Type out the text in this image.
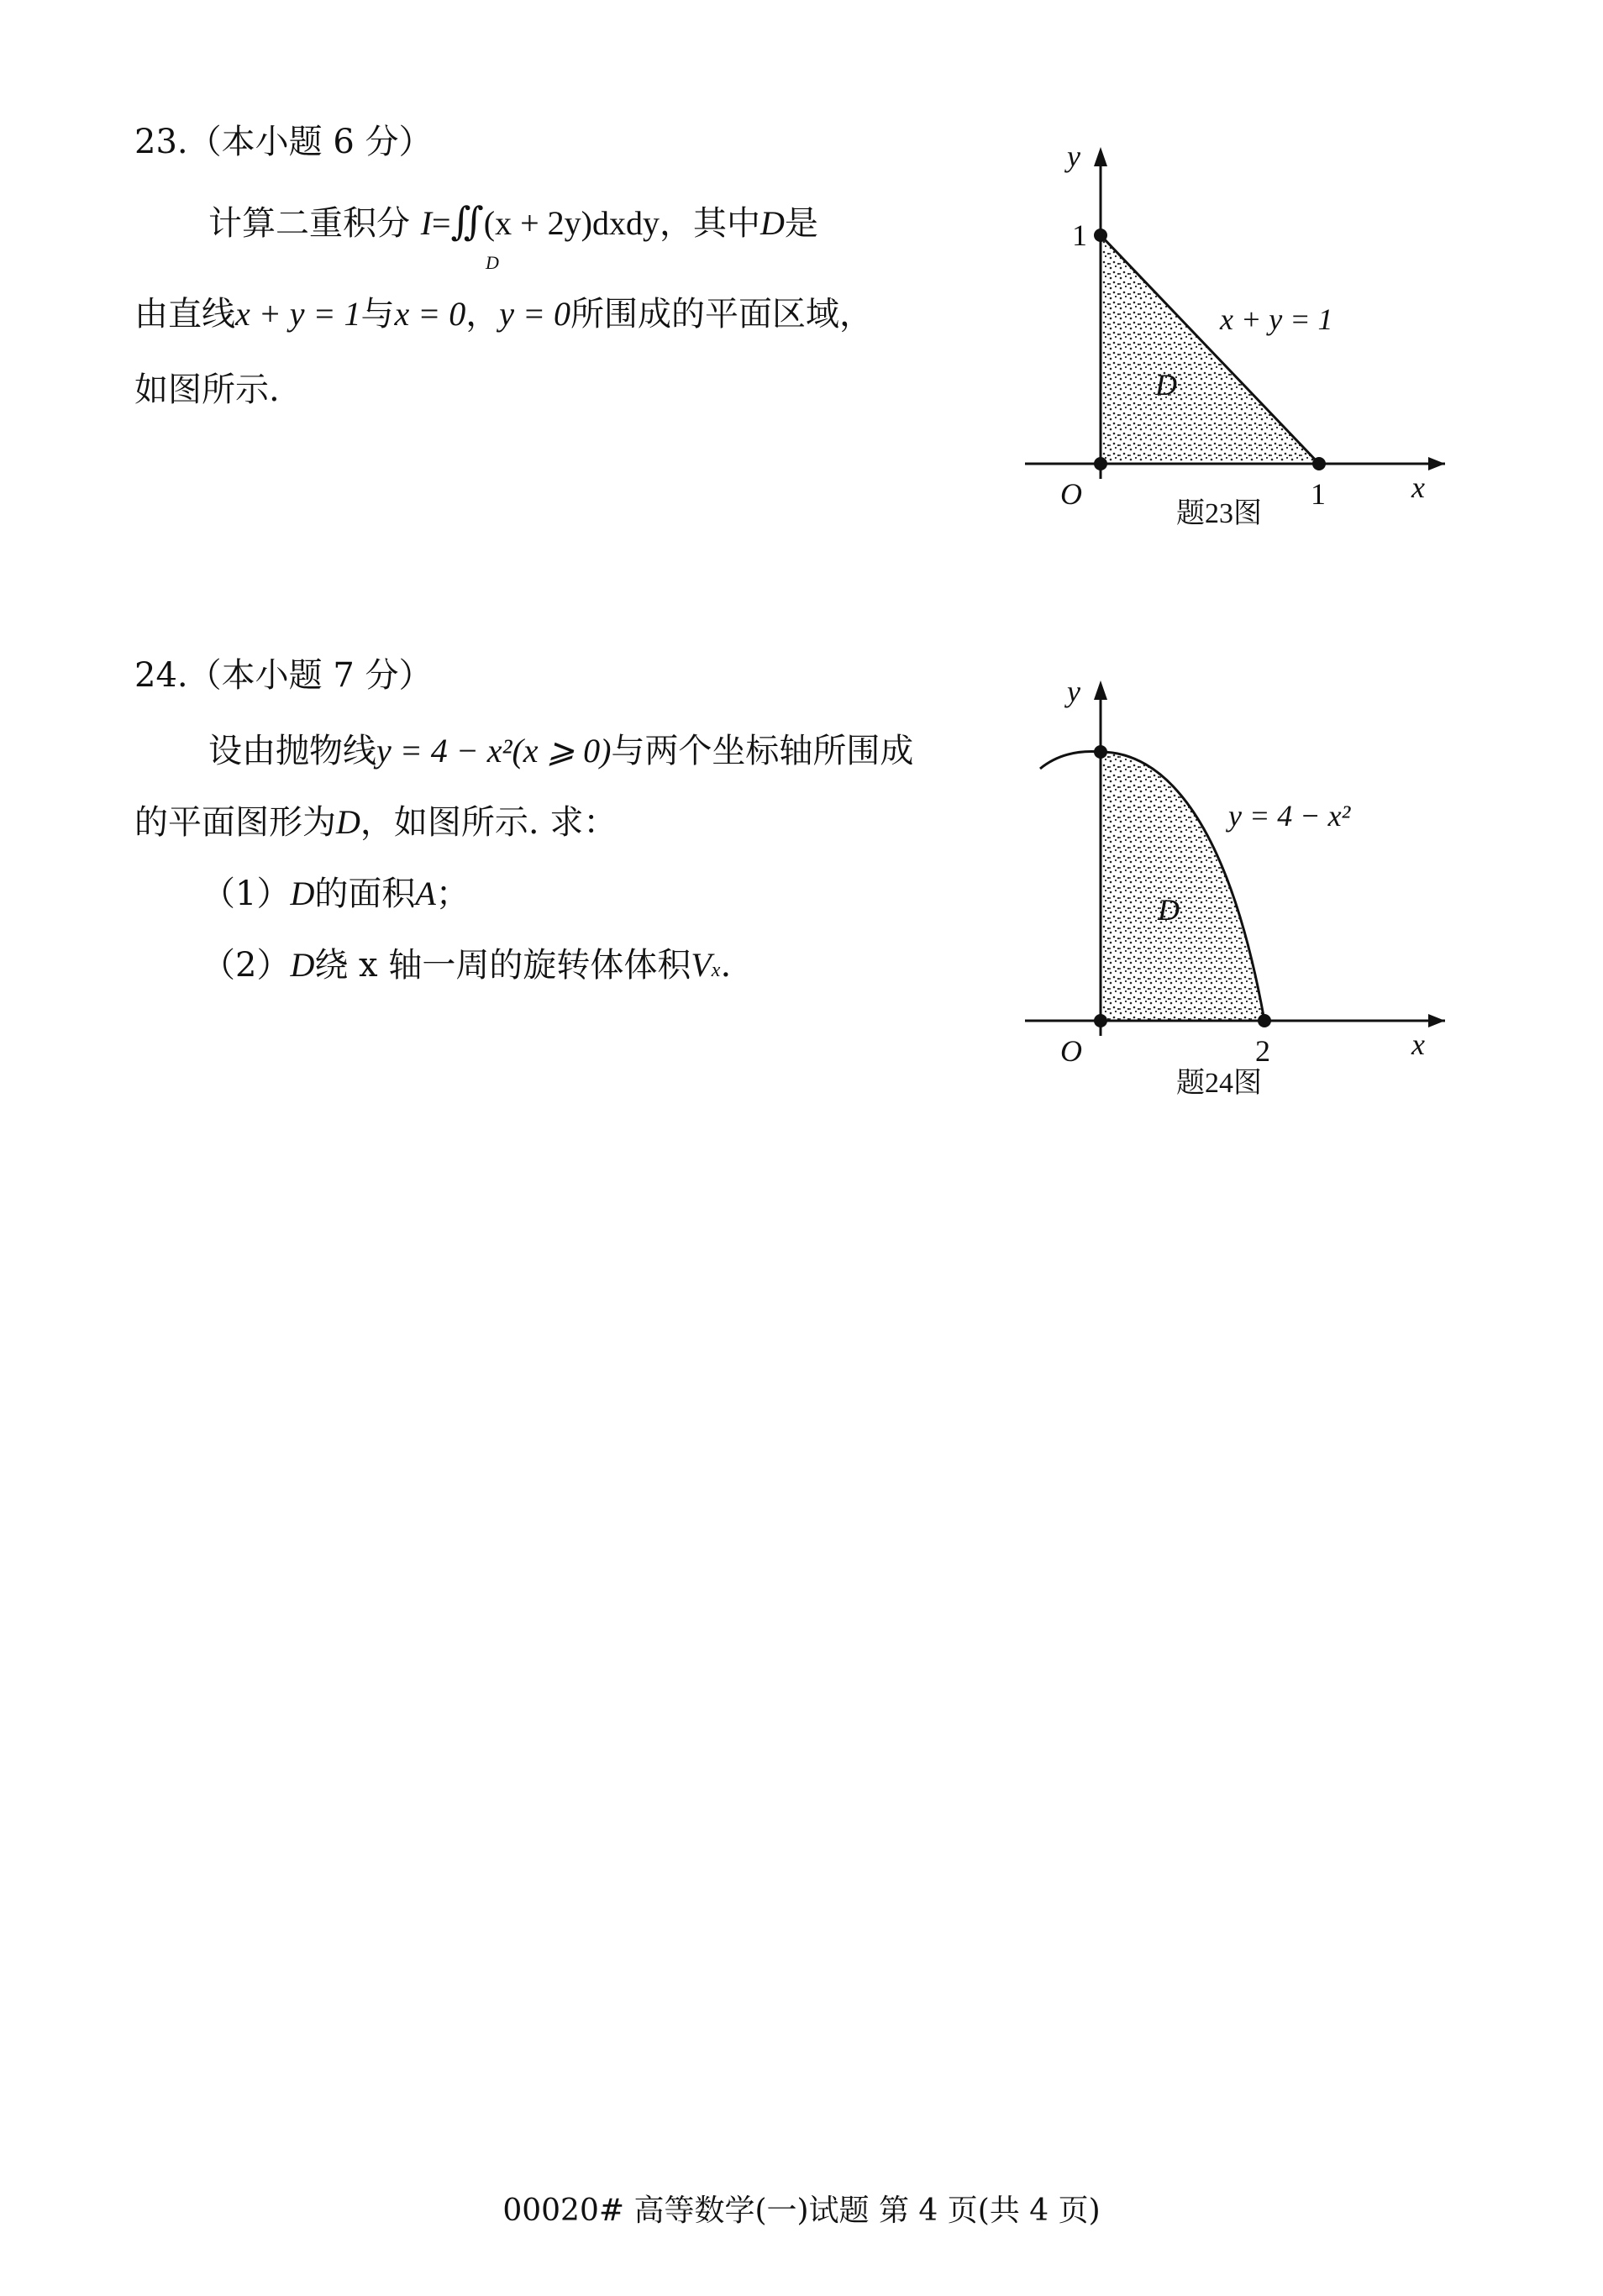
23.（本小题 6 分）
计算二重积分 I=∬(x + 2y)dxdy，其中D是
D
由直线x + y = 1与x = 0，y = 0所围成的平面区域，
如图所示.
y
x
O
1
1
x + y = 1
D
题23图
24.（本小题 7 分）
设由抛物线y = 4 − x²(x ⩾ 0)与两个坐标轴所围成
的平面图形为D，如图所示. 求：
（1）D的面积A；
（2）D绕 x 轴一周的旋转体体积Vx.
y
x
O	2
y = 4 − x²
D
题24图
00020# 高等数学(一)试题 第 4 页(共 4 页)
